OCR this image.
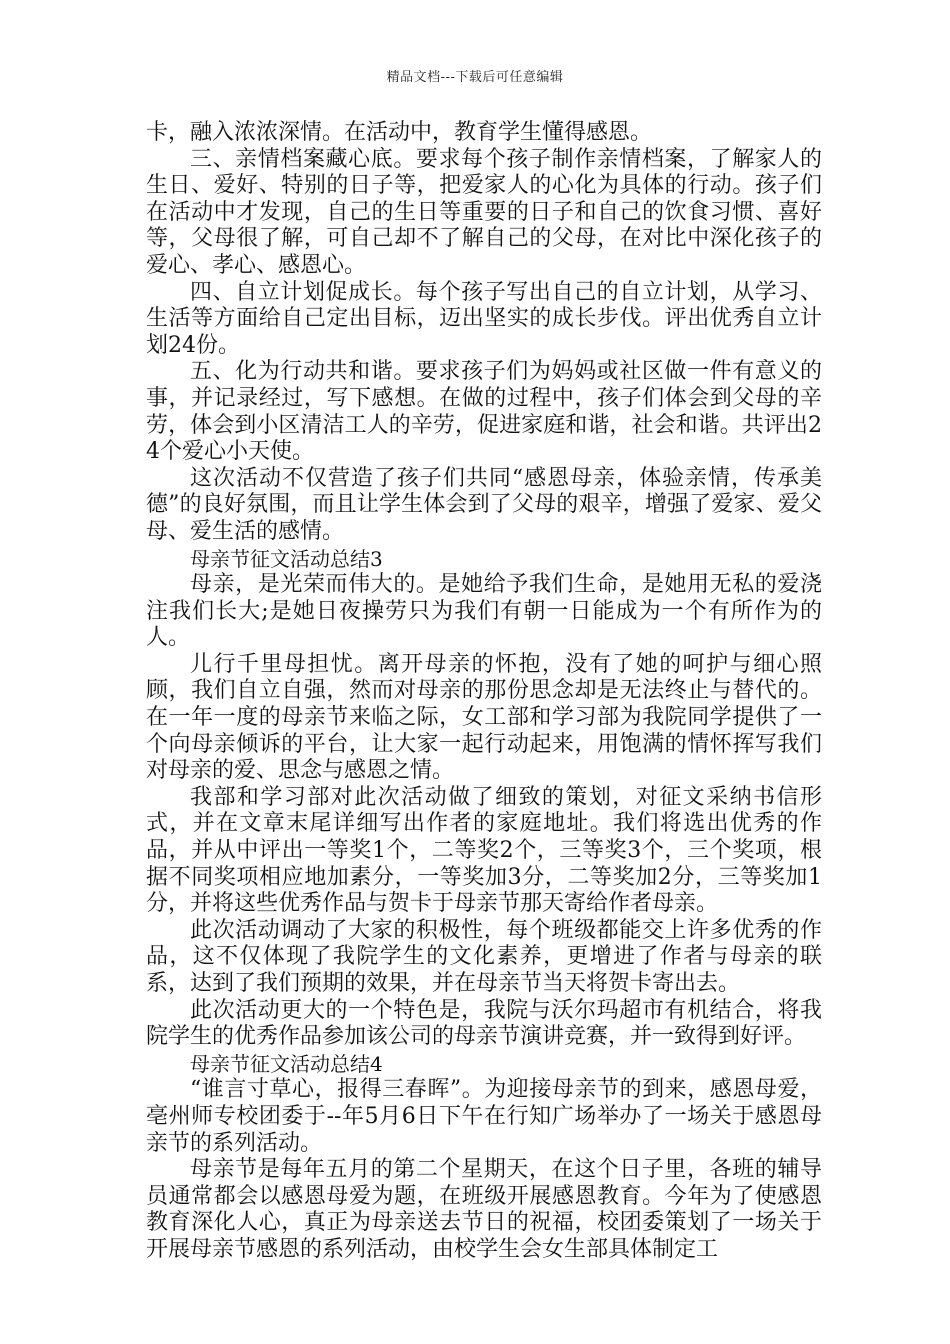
精品文档---下载后可任意编辑

卡，融入浓浓深情。在活动中，教育学生懂得感恩。

三、亲情档案藏心底。要求每个孩子制作亲情档案，了解家人的生日、爱好、特别的日子等，把爱家人的心化为具体的行动。孩子们在活动中才发现，自己的生日等重要的日子和自己的饮食习惯、喜好等，父母很了解，可自己却不了解自己的父母，在对比中深化孩子的爱心、孝心、感恩心。

四、自立计划促成长。每个孩子写出自己的自立计划，从学习、生活等方面给自己定出目标，迈出坚实的成长步伐。评出优秀自立计划24份。

五、化为行动共和谐。要求孩子们为妈妈或社区做一件有意义的事，并记录经过，写下感想。在做的过程中，孩子们体会到父母的辛劳，体会到小区清洁工人的辛劳，促进家庭和谐，社会和谐。共评出24个爱心小天使。

这次活动不仅营造了孩子们共同“感恩母亲，体验亲情，传承美德”的良好氛围，而且让学生体会到了父母的艰辛，增强了爱家、爱父母、爱生活的感情。

母亲节征文活动总结3

母亲，是光荣而伟大的。是她给予我们生命，是她用无私的爱浇注我们长大;是她日夜操劳只为我们有朝一日能成为一个有所作为的人。

儿行千里母担忧。离开母亲的怀抱，没有了她的呵护与细心照顾，我们自立自强，然而对母亲的那份思念却是无法终止与替代的。在一年一度的母亲节来临之际，女工部和学习部为我院同学提供了一个向母亲倾诉的平台，让大家一起行动起来，用饱满的情怀挥写我们对母亲的爱、思念与感恩之情。

我部和学习部对此次活动做了细致的策划，对征文采纳书信形式，并在文章末尾详细写出作者的家庭地址。我们将选出优秀的作品，并从中评出一等奖1个，二等奖2个，三等奖3个，三个奖项，根据不同奖项相应地加素分，一等奖加3分，二等奖加2分，三等奖加1分，并将这些优秀作品与贺卡于母亲节那天寄给作者母亲。

此次活动调动了大家的积极性，每个班级都能交上许多优秀的作品，这不仅体现了我院学生的文化素养，更增进了作者与母亲的联系，达到了我们预期的效果，并在母亲节当天将贺卡寄出去。

此次活动更大的一个特色是，我院与沃尔玛超市有机结合，将我院学生的优秀作品参加该公司的母亲节演讲竞赛，并一致得到好评。

母亲节征文活动总结4

“谁言寸草心，报得三春晖”。为迎接母亲节的到来，感恩母爱，亳州师专校团委于--年5月6日下午在行知广场举办了一场关于感恩母亲节的系列活动。

母亲节是每年五月的第二个星期天，在这个日子里，各班的辅导员通常都会以感恩母爱为题，在班级开展感恩教育。今年为了使感恩教育深化人心，真正为母亲送去节日的祝福，校团委策划了一场关于开展母亲节感恩的系列活动，由校学生会女生部具体制定工
